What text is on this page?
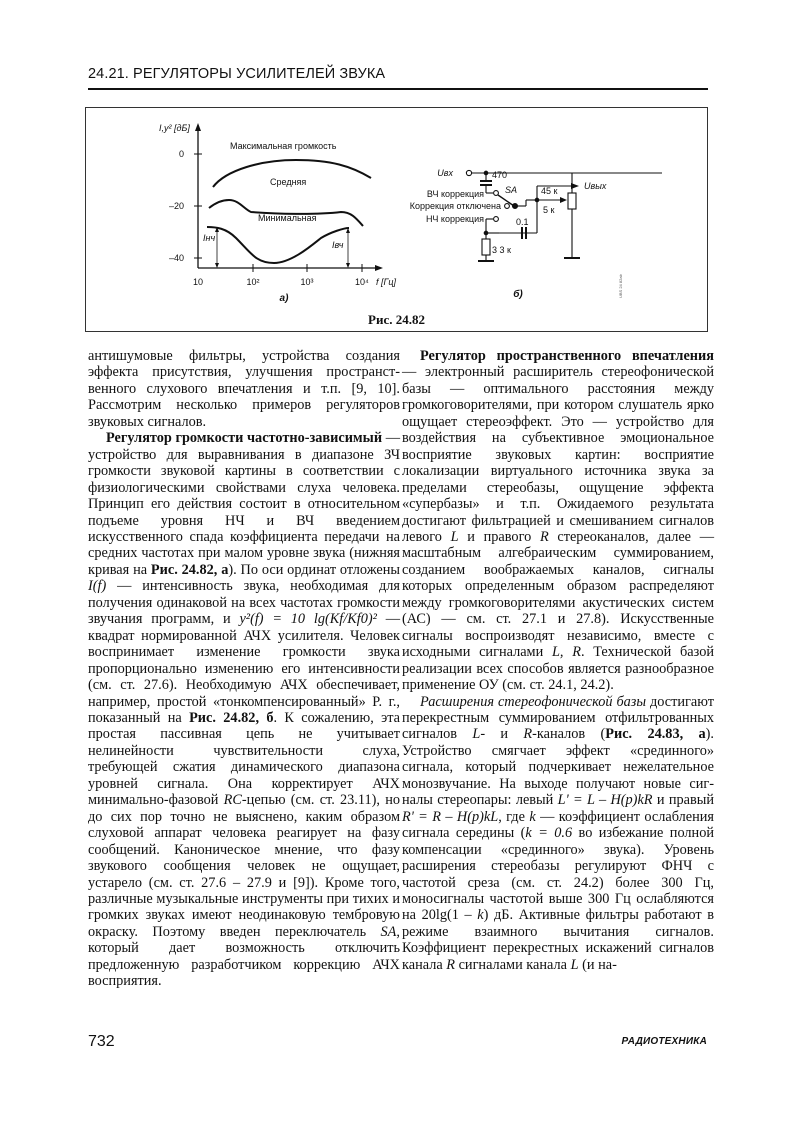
24.21. РЕГУЛЯТОРЫ УСИЛИТЕЛЕЙ ЗВУКА
I,y² [дБ]
0
–20
–40
10	10²	10³	10⁴ f [Гц]
Максимальная громкость
Средняя
Минимальная
Iнч
Iвч
а)
Uвх
Uвых
470
SA
ВЧ коррекция
Коррекция отключена
НЧ коррекция
45 к
5 к
0.1
3 3 к
б)	UBS 24 82ab
Рис. 24.82

антишумовые фильтры, устройства создания эффекта присутствия, улучшения пространственного слухового впечатления и т.п. [9, 10]. Рассмотрим несколько примеров регуляторов звуковых сигналов.

Регулятор громкости частотно-зависимый — устройство для выравнивания в диапазоне ЗЧ громкости звуковой картины в соответствии с физиологическими свойствами слуха человека. Принцип его действия состоит в относительном подъеме уровня НЧ и ВЧ введением искусственного спада коэффициента передачи на средних частотах при малом уровне звука (нижняя кривая на Рис. 24.82, а). По оси ординат отложены I(f) — интенсивность звука, необходимая для получения одинаковой на всех частотах громкости звучания программ, и y²(f) = 10 lg(Kf/Kf0)² — квадрат нормированной АЧХ усилителя. Человек воспринимает изменение громкости звука пропорционально изменению его интенсивности (см. ст. 27.6). Необходимую АЧХ обеспечивает, например, простой «тонкомпенсированный» Р. г., показанный на Рис. 24.82, б. К сожалению, эта простая пассивная цепь не учитывает нелинейности чувствительности слуха, требующей сжатия динамического диапазона уровней сигнала. Она корректирует АЧХ минимально-фазовой RC-цепью (см. ст. 23.11), но до сих пор точно не выяснено, каким образом слуховой аппарат человека реагирует на фазу сообщений. Каноническое мнение, что фазу звукового сообщения человек не ощущает, устарело (см. ст. 27.6 – 27.9 и [9]). Кроме того, различные музыкальные инструменты при тихих и громких звуках имеют неодинаковую тембровую окраску. Поэтому введен переключатель SA, который дает возможность отключить предложенную разработчиком коррекцию АЧХ восприятия.

Регулятор пространственного впечатления — электронный расширитель стереофонической базы — оптимального расстояния между громкоговорителями, при котором слушатель ярко ощущает стереоэффект. Это — устройство для воздействия на субъективное эмоциональное восприятие звуковых картин: восприятие локализации виртуального источника звука за пределами стереобазы, ощущение эффекта «супербазы» и т.п. Ожидаемого результата достигают фильтрацией и смешиванием сигналов левого L и правого R стереоканалов, далее — масштабным алгебраическим суммированием, созданием воображаемых каналов, сигналы которых определенным образом распределяют между громкоговорителями акустических систем (АС) — см. ст. 27.1 и 27.8). Искусственные сигналы воспроизводят независимо, вместе с исходными сигналами L, R. Технической базой реализации всех способов является разнообразное применение ОУ (см. ст. 24.1, 24.2).

Расширения стереофонической базы достигают перекрестным суммированием отфильтрованных сигналов L- и R-каналов (Рис. 24.83, а). Устройство смягчает эффект «срединного» сигнала, который подчеркивает нежелательное монозвучание. На выходе получают новые сигналы стереопары: левый L' = L – H(p)kR и правый R' = R – H(p)kL, где k — коэффициент ослабления сигнала середины (k = 0.6 во избежание полной компенсации «срединного» звука). Уровень расширения стереобазы регулируют ФНЧ с частотой среза (см. ст. 24.2) более 300 Гц, моносигналы частотой выше 300 Гц ослабляются на 20lg(1 – k) дБ. Активные фильтры работают в режиме взаимного вычитания сигналов. Коэффициент перекрестных искажений сигналов канала R сигналами канала L (и на-

732	РАДИОТЕХНИКА
